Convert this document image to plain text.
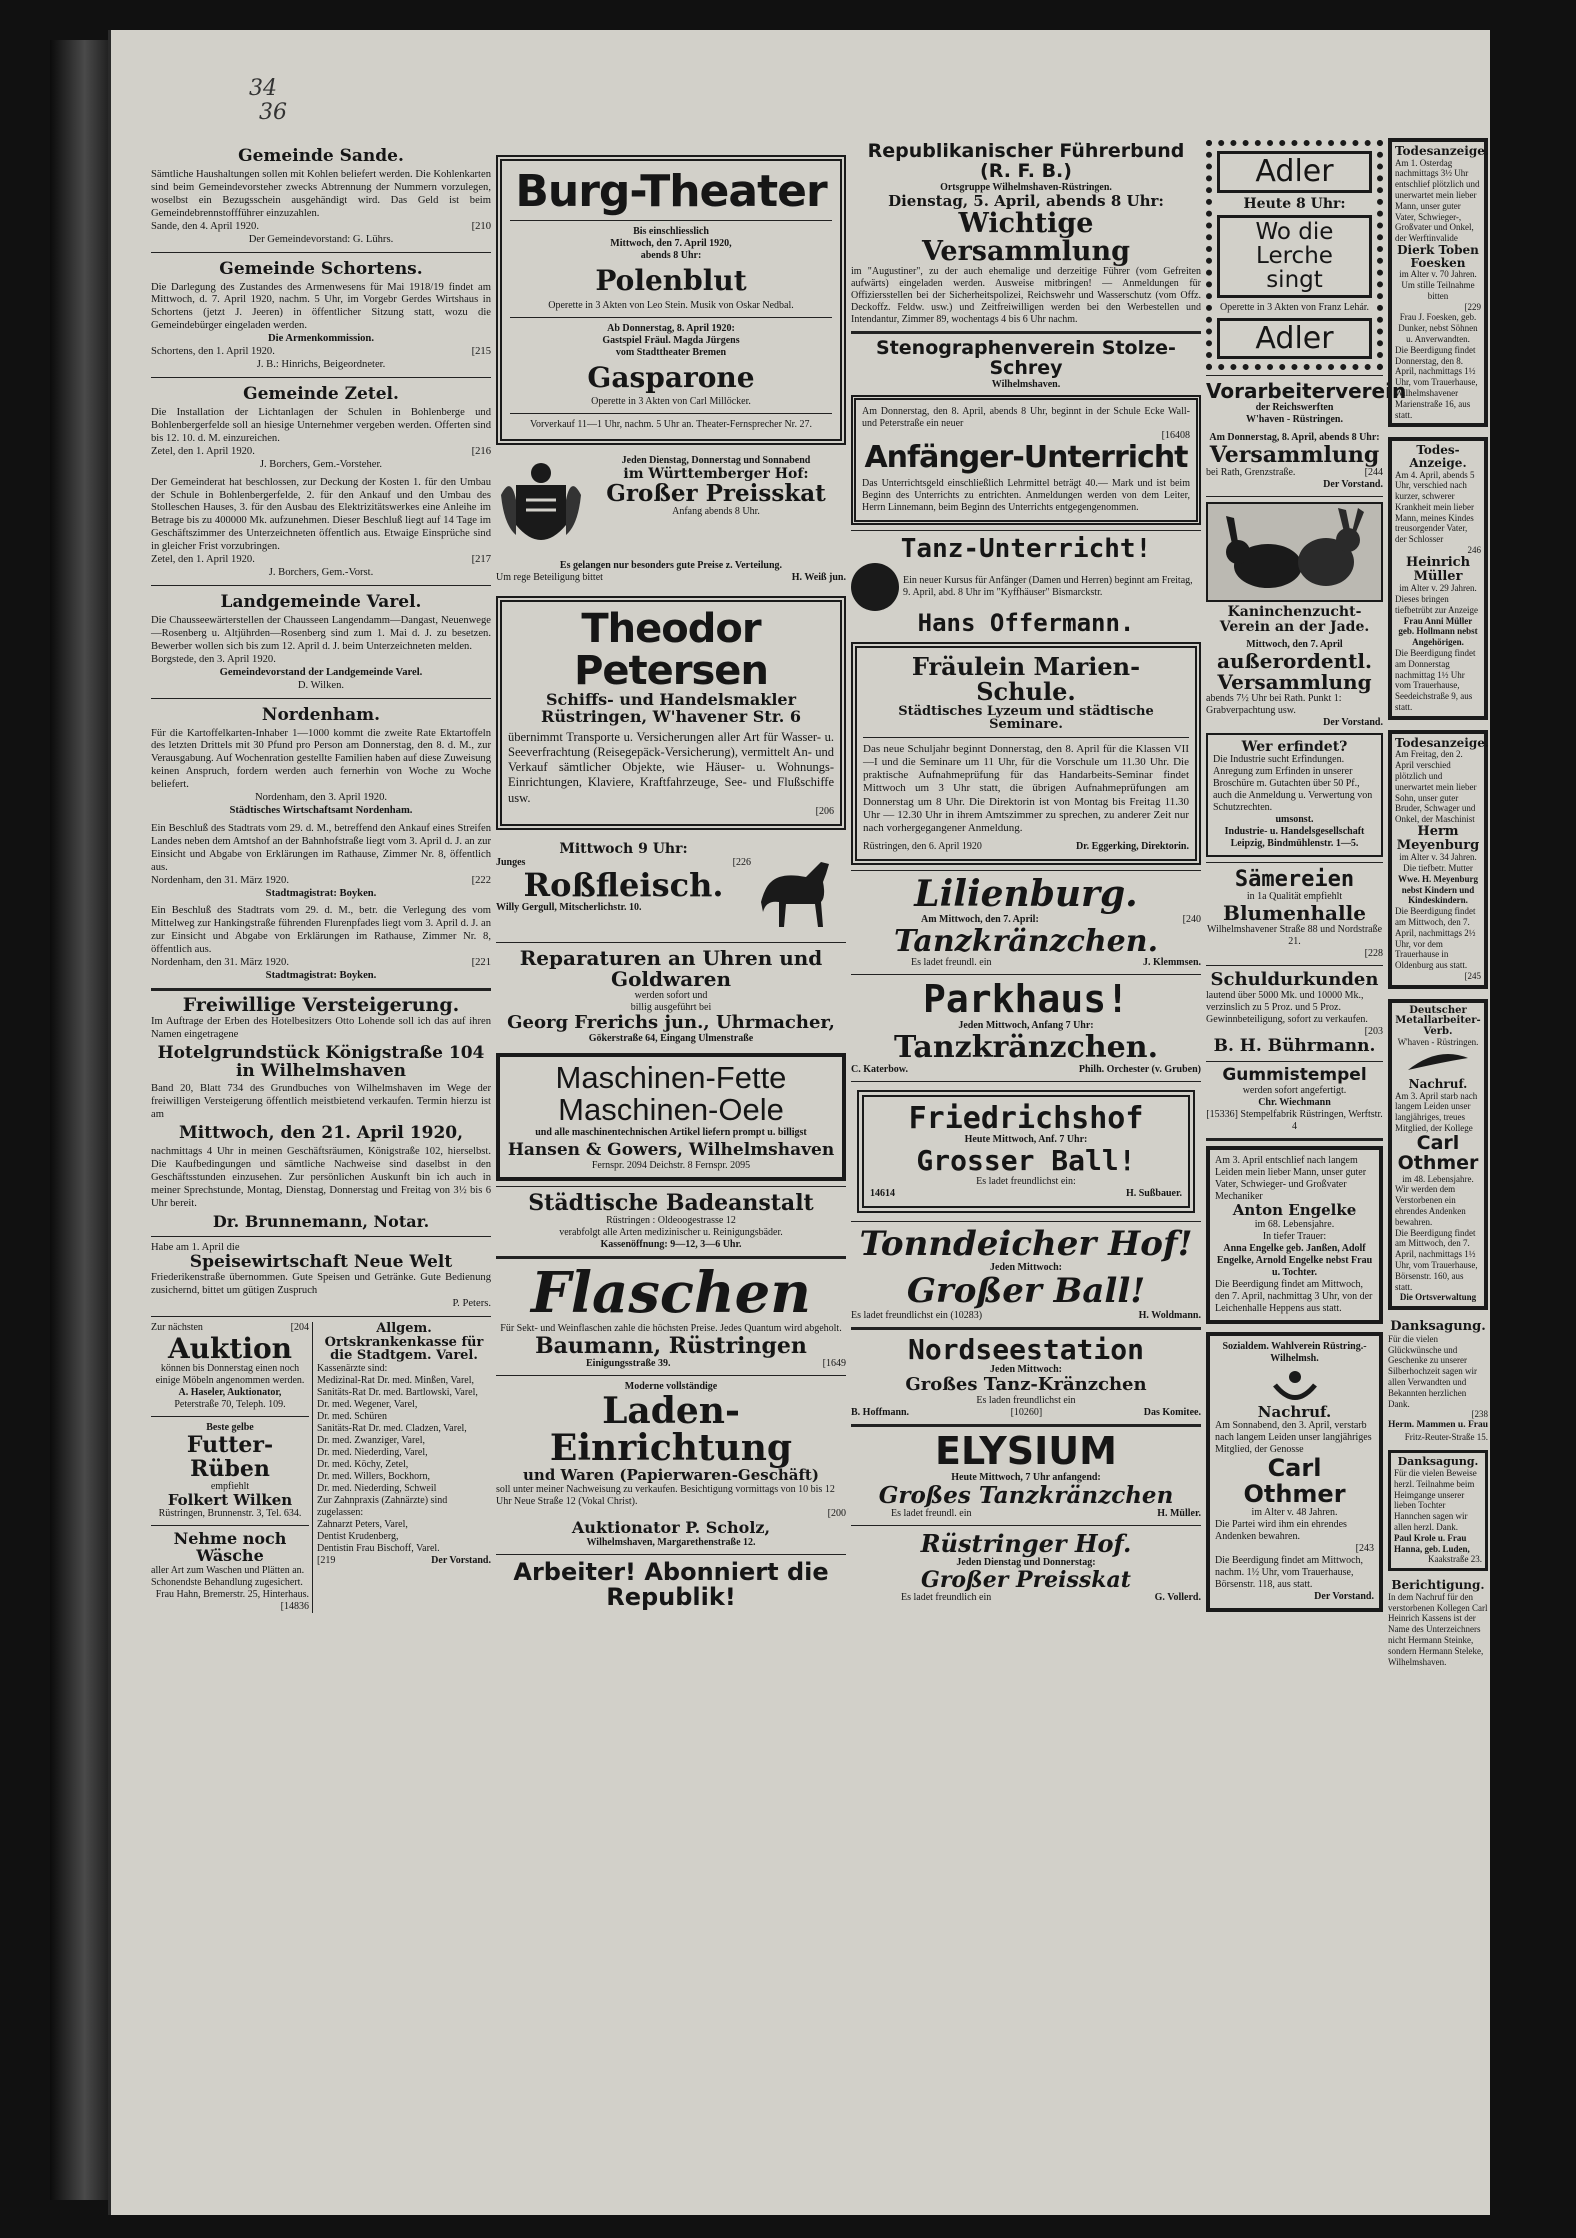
34
36
Gemeinde Sande.
Sämtliche Haushaltungen sollen mit Kohlen beliefert werden. Die Kohlenkarten sind beim Gemeindevorsteher zwecks Abtrennung der Nummern vorzulegen, woselbst ein Bezugsschein ausgehändigt wird. Das Geld ist beim Gemeindebrennstoffführer einzuzahlen.
Sande, den 4. April 1920.	[210
Der Gemeindevorstand: G. Lührs.
Gemeinde Schortens.
Die Darlegung des Zustandes des Armenwesens für Mai 1918/19 findet am Mittwoch, d. 7. April 1920, nachm. 5 Uhr, im Vorgebr Gerdes Wirtshaus in Schortens (jetzt J. Jeeren) in öffentlicher Sitzung statt, wozu die Gemeindebürger eingeladen werden.
Die Armenkommission.
Schortens, den 1. April 1920.	[215
J. B.: Hinrichs, Beigeordneter.
Gemeinde Zetel.
Die Installation der Lichtanlagen der Schulen in Bohlenberge und Bohlenbergerfelde soll an hiesige Unternehmer vergeben werden. Offerten sind bis 12. 10. d. M. einzureichen.
Zetel, den 1. April 1920.	[216
J. Borchers, Gem.-Vorsteher.
Der Gemeinderat hat beschlossen, zur Deckung der Kosten 1. für den Umbau der Schule in Bohlenbergerfelde, 2. für den Ankauf und den Umbau des Stolleschen Hauses, 3. für den Ausbau des Elektrizitätswerkes eine Anleihe im Betrage bis zu 400000 Mk. aufzunehmen. Dieser Beschluß liegt auf 14 Tage im Geschäftszimmer des Unterzeichneten öffentlich aus. Etwaige Einsprüche sind in gleicher Frist vorzubringen.
Zetel, den 1. April 1920.	[217
J. Borchers, Gem.-Vorst.
Landgemeinde Varel.
Die Chausseewärterstellen der Chausseen Langendamm—Dangast, Neuenwege—Rosenberg u. Altjührden—Rosenberg sind zum 1. Mai d. J. zu besetzen. Bewerber wollen sich bis zum 12. April d. J. beim Unterzeichneten melden.
Borgstede, den 3. April 1920.
Gemeindevorstand der Landgemeinde Varel.
D. Wilken.
Nordenham.
Für die Kartoffelkarten-Inhaber 1—1000 kommt die zweite Rate Ektartoffeln des letzten Drittels mit 30 Pfund pro Person am Donnerstag, den 8. d. M., zur Verausgabung. Auf Wochenration gestellte Familien haben auf diese Zuweisung keinen Anspruch, fordern werden auch fernerhin von Woche zu Woche beliefert.
Nordenham, den 3. April 1920.
Städtisches Wirtschaftsamt Nordenham.
Ein Beschluß des Stadtrats vom 29. d. M., betreffend den Ankauf eines Streifen Landes neben dem Amtshof an der Bahnhofstraße liegt vom 3. April d. J. an zur Einsicht und Abgabe von Erklärungen im Rathause, Zimmer Nr. 8, öffentlich aus.
Nordenham, den 31. März 1920.	[222
Stadtmagistrat: Boyken.
Ein Beschluß des Stadtrats vom 29. d. M., betr. die Verlegung des vom Mittelweg zur Hankingstraße führenden Flurenpfades liegt vom 3. April d. J. an zur Einsicht und Abgabe von Erklärungen im Rathause, Zimmer Nr. 8, öffentlich aus.
Nordenham, den 31. März 1920.	[221
Stadtmagistrat: Boyken.
Freiwillige Versteigerung.
Im Auftrage der Erben des Hotelbesitzers Otto Lohende soll ich das auf ihren Namen eingetragene
Hotelgrundstück Königstraße 104 in Wilhelmshaven
Band 20, Blatt 734 des Grundbuches von Wilhelmshaven im Wege der freiwilligen Versteigerung öffentlich meistbietend verkaufen. Termin hierzu ist am
Mittwoch, den 21. April 1920,
nachmittags 4 Uhr in meinen Geschäftsräumen, Königstraße 102, hierselbst. Die Kaufbedingungen und sämtliche Nachweise sind daselbst in den Geschäftsstunden einzusehen. Zur persönlichen Auskunft bin ich auch in meiner Sprechstunde, Montag, Dienstag, Donnerstag und Freitag von 3½ bis 6 Uhr bereit.
Dr. Brunnemann, Notar.
Habe am 1. April die
Speisewirtschaft Neue Welt
Friederikenstraße übernommen. Gute Speisen und Getränke. Gute Bedienung zusichernd, bittet um gütigen Zuspruch
P. Peters.
Zur nächsten	[204
Auktion
können bis Donnerstag einen noch einige Möbeln angenommen werden.
A. Haseler, Auktionator,
Peterstraße 70, Teleph. 109.
Beste gelbe
Futter-Rüben
empfiehlt
Folkert Wilken
Rüstringen, Brunnenstr. 3, Tel. 634.
Nehme noch Wäsche
aller Art zum Waschen und Plätten an. Schonendste Behandlung zugesichert.
Frau Hahn, Bremerstr. 25, Hinterhaus. [14836
Allgem. Ortskrankenkasse für die Stadtgem. Varel.
Kassenärzte sind:
Medizinal-Rat Dr. med. Minßen, Varel,
Sanitäts-Rat Dr. med. Bartlowski, Varel,
Dr. med. Wegener, Varel,
Dr. med. Schüren
Sanitäts-Rat Dr. med. Cladzen, Varel,
Dr. med. Zwanziger, Varel,
Dr. med. Niederding, Varel,
Dr. med. Köchy, Zetel,
Dr. med. Willers, Bockhorn,
Dr. med. Niederding, Schweil
Zur Zahnpraxis (Zahnärzte) sind zugelassen:
Zahnarzt Peters, Varel,
Dentist Krudenberg,
Dentistin Frau Bischoff, Varel.
[219	Der Vorstand.
Burg-Theater
Bis einschliesslich
Mittwoch, den 7. April 1920,
abends 8 Uhr:
Polenblut
Operette in 3 Akten von Leo Stein. Musik von Oskar Nedbal.
Ab Donnerstag, 8. April 1920:
Gastspiel Fräul. Magda Jürgens
vom Stadttheater Bremen
Gasparone
Operette in 3 Akten von Carl Millöcker.
Vorverkauf 11—1 Uhr, nachm. 5 Uhr an. Theater-Fernsprecher Nr. 27.
Jeden Dienstag, Donnerstag und Sonnabend
im Württemberger Hof:
Großer Preisskat
Anfang abends 8 Uhr.
Es gelangen nur besonders gute Preise z. Verteilung.
Um rege Beteiligung bittet	H. Weiß jun.
Theodor Petersen
Schiffs- und Handelsmakler
Rüstringen, W'havener Str. 6
übernimmt Transporte u. Versicherungen aller Art für Wasser- u. Seeverfrachtung (Reisegepäck-Versicherung), vermittelt An- und Verkauf sämtlicher Objekte, wie Häuser- u. Wohnungs-Einrichtungen, Klaviere, Kraftfahrzeuge, See- und Flußschiffe usw.
[206
Mittwoch 9 Uhr:
Junges	[226
Roßfleisch.
Willy Gergull, Mitscherlichstr. 10.
Reparaturen an Uhren und Goldwaren
werden sofort und
billig ausgeführt bei
Georg Frerichs jun., Uhrmacher,
Gökerstraße 64, Eingang Ulmenstraße
Maschinen-Fette
Maschinen-Oele
und alle maschinentechnischen Artikel liefern prompt u. billigst
Hansen & Gowers, Wilhelmshaven
Fernspr. 2094 Deichstr. 8 Fernspr. 2095
Städtische Badeanstalt
Rüstringen : Oldeoogestrasse 12
verabfolgt alle Arten medizinischer u. Reinigungsbäder.
Kassenöffnung: 9—12, 3—6 Uhr.
Flaschen
Für Sekt- und Weinflaschen zahle die höchsten Preise. Jedes Quantum wird abgeholt.
Baumann, Rüstringen
Einigungsstraße 39.	[1649
Moderne vollständige
Laden-Einrichtung
und Waren (Papierwaren-Geschäft)
soll unter meiner Nachweisung zu verkaufen. Besichtigung vormittags von 10 bis 12 Uhr Neue Straße 12 (Vokal Christ).
[200
Auktionator P. Scholz,
Wilhelmshaven, Margarethenstraße 12.
Arbeiter! Abonniert die Republik!
Republikanischer Führerbund (R. F. B.)
Ortsgruppe Wilhelmshaven-Rüstringen.
Dienstag, 5. April, abends 8 Uhr:
Wichtige Versammlung
im "Augustiner", zu der auch ehemalige und derzeitige Führer (vom Gefreiten aufwärts) eingeladen werden. Ausweise mitbringen! — Anmeldungen für Offiziersstellen bei der Sicherheitspolizei, Reichswehr und Wasserschutz (vom Offz. Deckoffz. Feldw. usw.) und Zeitfreiwilligen werden bei den Werbestellen und Intendantur, Zimmer 89, wochentags 4 bis 6 Uhr nachm.
Stenographenverein Stolze-Schrey
Wilhelmshaven.
Am Donnerstag, den 8. April, abends 8 Uhr, beginnt in der Schule Ecke Wall- und Peterstraße ein neuer
[16408
Anfänger-Unterricht
Das Unterrichtsgeld einschließlich Lehrmittel beträgt 40.— Mark und ist beim Beginn des Unterrichts zu entrichten. Anmeldungen werden von dem Leiter, Herrn Linnemann, beim Beginn des Unterrichts entgegengenommen.
Tanz-Unterricht!
Ein neuer Kursus für Anfänger (Damen und Herren) beginnt am Freitag, 9. April, abd. 8 Uhr im "Kyffhäuser" Bismarckstr.
Hans Offermann.
Fräulein Marien-Schule.
Städtisches Lyzeum und städtische Seminare.
Das neue Schuljahr beginnt Donnerstag, den 8. April für die Klassen VII—I und die Seminare um 11 Uhr, für die Vorschule um 11.30 Uhr. Die praktische Aufnahmeprüfung für das Handarbeits-Seminar findet Mittwoch um 3 Uhr statt, die übrigen Aufnahmeprüfungen am Donnerstag um 8 Uhr. Die Direktorin ist von Montag bis Freitag 11.30 Uhr — 12.30 Uhr in ihrem Amtszimmer zu sprechen, zu anderer Zeit nur nach vorhergegangener Anmeldung.
Rüstringen, den 6. April 1920	Dr. Eggerking, Direktorin.
Lilienburg.
Am Mittwoch, den 7. April:	[240
Tanzkränzchen.
Es ladet freundl. ein	J. Klemmsen.
Parkhaus!
Jeden Mittwoch, Anfang 7 Uhr:
Tanzkränzchen.
C. Katerbow.	Philh. Orchester (v. Gruben)
Friedrichshof
Heute Mittwoch, Anf. 7 Uhr:
Grosser Ball!
Es ladet freundlichst ein:
14614	H. Sußbauer.
Tonndeicher Hof!
Jeden Mittwoch:
Großer Ball!
Es ladet freundlichst ein (10283)	H. Woldmann.
Nordseestation
Jeden Mittwoch:
Großes Tanz-Kränzchen
Es laden freundlichst ein
B. Hoffmann.	[10260]	Das Komitee.
ELYSIUM
Heute Mittwoch, 7 Uhr anfangend:
Großes Tanzkränzchen
Es ladet freundl. ein	H. Müller.
Rüstringer Hof.
Jeden Dienstag und Donnerstag:
Großer Preisskat
Es ladet freundlich ein	G. Vollerd.
Adler
Heute 8 Uhr:
Wo die
Lerche
singt
Operette in 3 Akten von Franz Lehár.
Adler
Vorarbeiterverein
der Reichswerften
W'haven - Rüstringen.
Am Donnerstag, 8. April, abends 8 Uhr:
Versammlung
bei Rath, Grenzstraße.	[244
Der Vorstand.
Kaninchenzucht-Verein an der Jade.
Mittwoch, den 7. April
außerordentl.
Versammlung
abends 7½ Uhr bei Rath. Punkt 1: Grabverpachtung usw.
Der Vorstand.
Wer erfindet?
Die Industrie sucht Erfindungen. Anregung zum Erfinden in unserer Broschüre m. Gutachten über 50 Pf., auch die Anmeldung u. Verwertung von Schutzrechten.
umsonst.
Industrie- u. Handelsgesellschaft Leipzig, Bindmühlenstr. 1—5.
Sämereien
in 1a Qualität empfiehlt
Blumenhalle
Wilhelmshavener Straße 88 und Nordstraße 21.
[228
Schuldurkunden
lautend über 5000 Mk. und 10000 Mk., verzinslich zu 5 Proz. und 5 Proz. Gewinnbeteiligung, sofort zu verkaufen.
[203
B. H. Bührmann.
Gummistempel
werden sofort angefertigt.
Chr. Wiechmann
[15336] Stempelfabrik Rüstringen, Werftstr. 4
Am 3. April entschlief nach langem Leiden mein lieber Mann, unser guter Vater, Schwieger- und Großvater Mechaniker
Anton Engelke
im 68. Lebensjahre.
In tiefer Trauer:
Anna Engelke geb. Janßen, Adolf Engelke, Arnold Engelke nebst Frau u. Tochter.
Die Beerdigung findet am Mittwoch, den 7. April, nachmittag 3 Uhr, von der Leichenhalle Heppens aus statt.
Sozialdem. Wahlverein Rüstring.-Wilhelmsh.
Nachruf.
Am Sonnabend, den 3. April, verstarb nach langem Leiden unser langjähriges Mitglied, der Genosse
Carl Othmer
im Alter v. 48 Jahren.
Die Partei wird ihm ein ehrendes Andenken bewahren.
[243
Die Beerdigung findet am Mittwoch, nachm. 1½ Uhr, vom Trauerhause, Börsenstr. 118, aus statt.
Der Vorstand.
Todesanzeige.
Am 1. Osterdag nachmittags 3½ Uhr entschlief plötzlich und unerwartet mein lieber Mann, unser guter Vater, Schwieger-, Großvater und Onkel, der Werftinvalide
Dierk Toben Foesken
im Alter v. 70 Jahren.
Um stille Teilnahme bitten
[229
Frau J. Foesken, geb. Dunker, nebst Söhnen u. Anverwandten.
Die Beerdigung findet Donnerstag, den 8. April, nachmittags 1½ Uhr, vom Trauerhause, Wilhelmshavener Marienstraße 16, aus statt.
Todes-Anzeige.
Am 4. April, abends 5 Uhr, verschied nach kurzer, schwerer Krankheit mein lieber Mann, meines Kindes treusorgender Vater, der Schlosser
246
Heinrich Müller
im Alter v. 29 Jahren.
Dieses bringen tiefbetrübt zur Anzeige
Frau Anni Müller geb. Hollmann nebst Angehörigen.
Die Beerdigung findet am Donnerstag nachmittag 1½ Uhr vom Trauerhause, Seedeichstraße 9, aus statt.
Todesanzeige.
Am Freitag, den 2. April verschied plötzlich und unerwartet mein lieber Sohn, unser guter Bruder, Schwager und Onkel, der Maschinist
Herm Meyenburg
im Alter v. 34 Jahren.
Die tiefbetr. Mutter
Wwe. H. Meyenburg nebst Kindern und Kindeskindern.
Die Beerdigung findet am Mittwoch, den 7. April, nachmittags 2½ Uhr, vor dem Trauerhause in Oldenburg aus statt.
[245
Deutscher Metallarbeiter-Verb.
W'haven - Rüstringen.
Nachruf.
Am 3. April starb nach langem Leiden unser langjähriges, treues Mitglied, der Kollege
Carl Othmer
im 48. Lebensjahre.
Wir werden dem Verstorbenen ein ehrendes Andenken bewahren.
Die Beerdigung findet am Mittwoch, den 7. April, nachmittags 1½ Uhr, vom Trauerhause, Börsenstr. 160, aus statt.
Die Ortsverwaltung
Danksagung.
Für die vielen Glückwünsche und Geschenke zu unserer Silberhochzeit sagen wir allen Verwandten und Bekannten herzlichen Dank.
[238
Herm. Mammen u. Frau
Fritz-Reuter-Straße 15.
Danksagung.
Für die vielen Beweise herzl. Teilnahme beim Heimgange unserer lieben Tochter Hannchen sagen wir allen herzl. Dank.
Paul Krole u. Frau Hanna, geb. Luden,
Kaakstraße 23.
Berichtigung.
In dem Nachruf für den verstorbenen Kollegen Carl Heinrich Kassens ist der Name des Unterzeichners nicht Hermann Steinke, sondern Hermann Steleke, Wilhelmshaven.
